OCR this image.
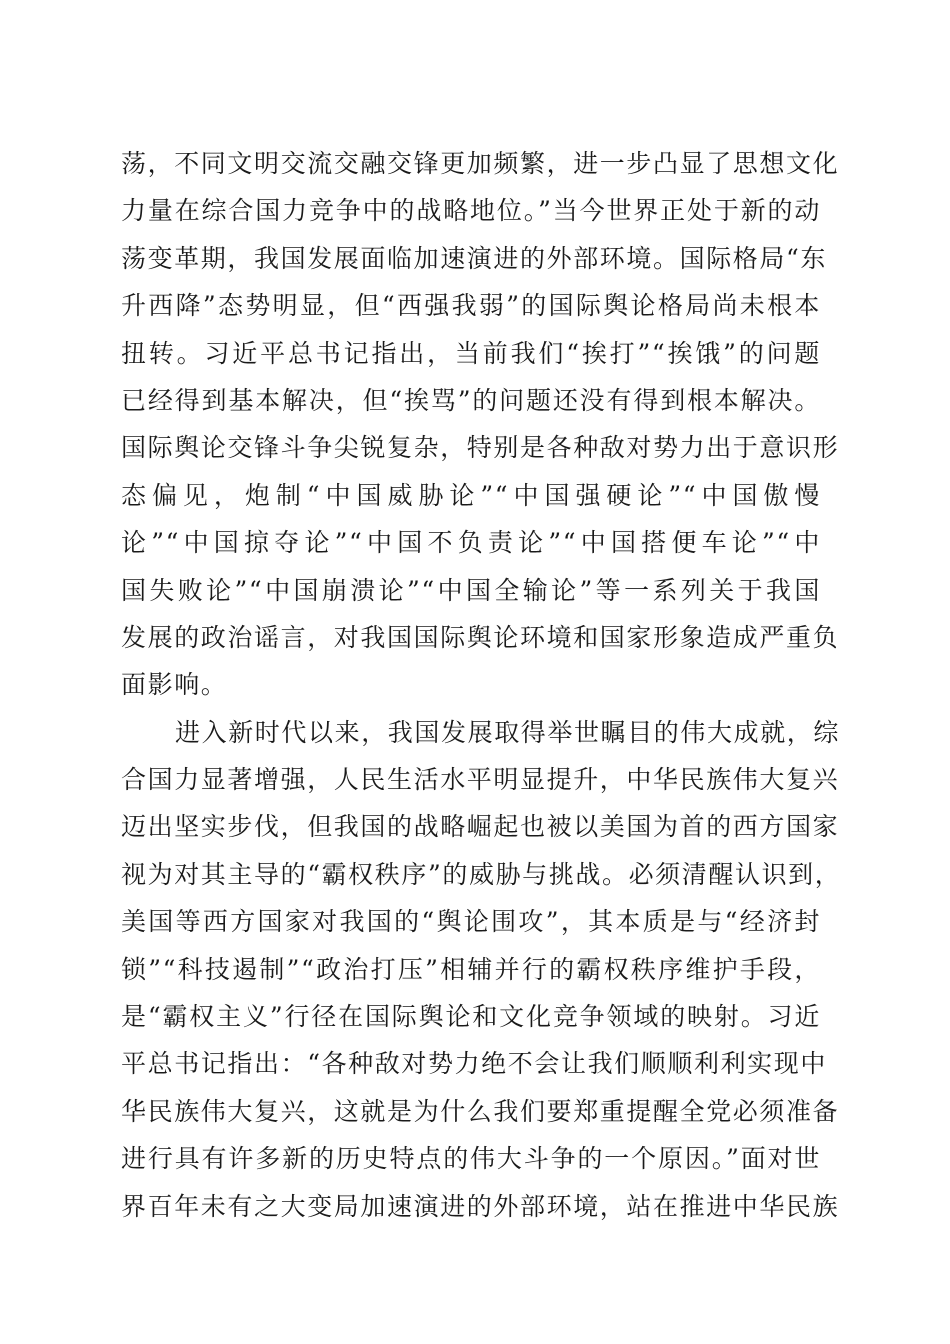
荡，不同文明交流交融交锋更加频繁，进一步凸显了思想文化
力量在综合国力竞争中的战略地位。”当今世界正处于新的动
荡变革期，我国发展面临加速演进的外部环境。国际格局“东
升西降”态势明显，但“西强我弱”的国际舆论格局尚未根本
扭转。习近平总书记指出，当前我们“挨打”“挨饿”的问题
已经得到基本解决，但“挨骂”的问题还没有得到根本解决。
国际舆论交锋斗争尖锐复杂，特别是各种敌对势力出于意识形
态偏见，炮制“中国威胁论”“中国强硬论”“中国傲慢
论”“中国掠夺论”“中国不负责论”“中国搭便车论”“中
国失败论”“中国崩溃论”“中国全输论”等一系列关于我国
发展的政治谣言，对我国国际舆论环境和国家形象造成严重负
面影响。
进入新时代以来，我国发展取得举世瞩目的伟大成就，综
合国力显著增强，人民生活水平明显提升，中华民族伟大复兴
迈出坚实步伐，但我国的战略崛起也被以美国为首的西方国家
视为对其主导的“霸权秩序”的威胁与挑战。必须清醒认识到，
美国等西方国家对我国的“舆论围攻”，其本质是与“经济封
锁”“科技遏制”“政治打压”相辅并行的霸权秩序维护手段，
是“霸权主义”行径在国际舆论和文化竞争领域的映射。习近
平总书记指出：“各种敌对势力绝不会让我们顺顺利利实现中
华民族伟大复兴，这就是为什么我们要郑重提醒全党必须准备
进行具有许多新的历史特点的伟大斗争的一个原因。”面对世
界百年未有之大变局加速演进的外部环境，站在推进中华民族
